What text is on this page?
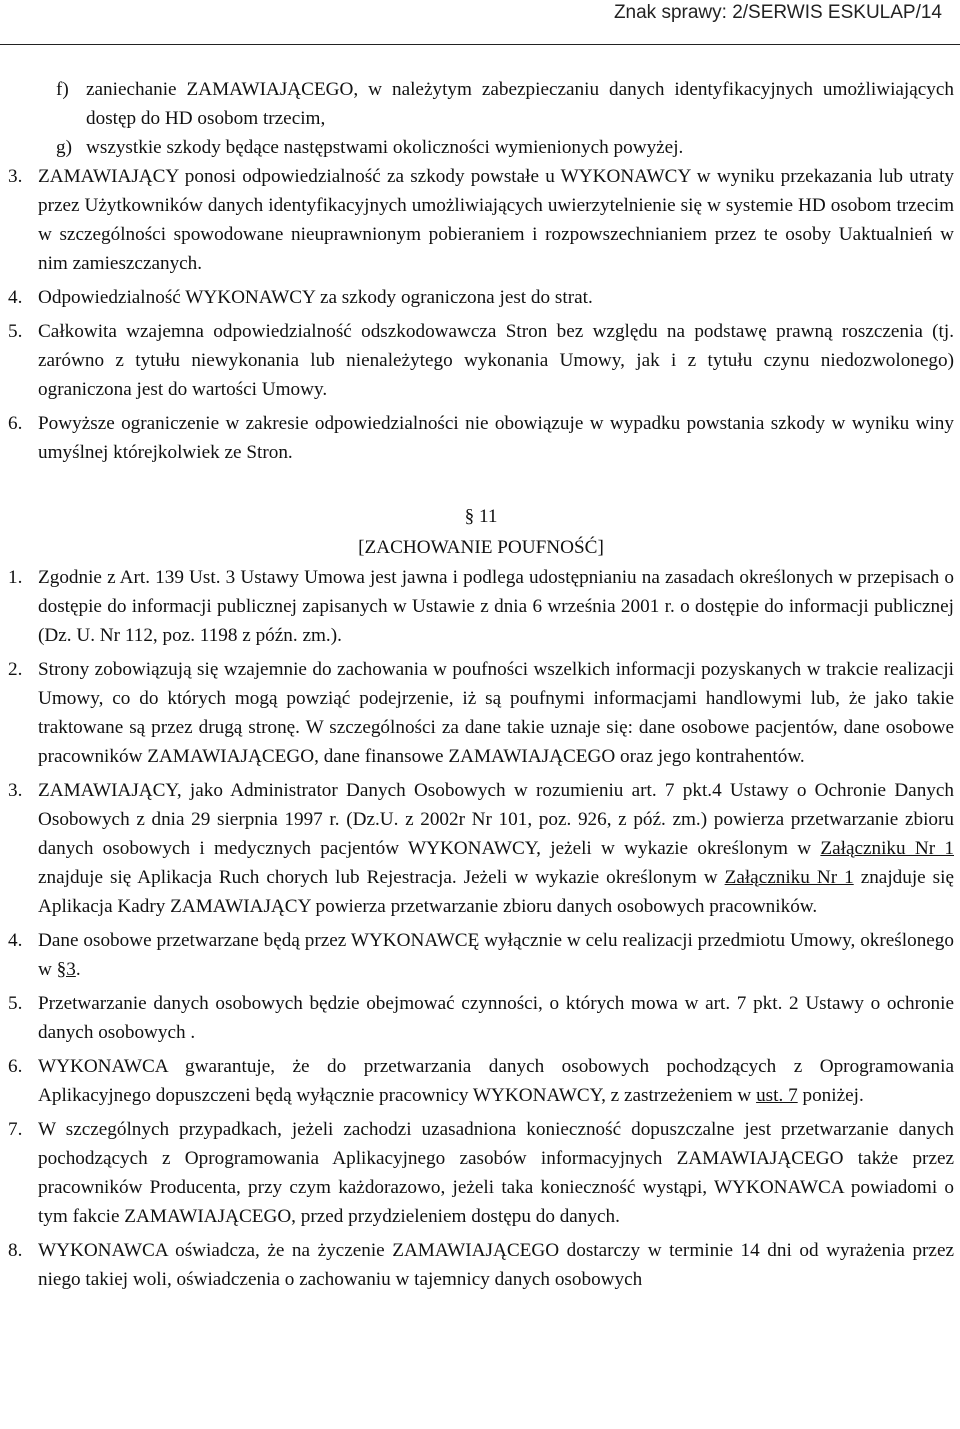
Znak sprawy: 2/SERWIS ESKULAP/14
f) zaniechanie ZAMAWIAJĄCEGO, w należytym zabezpieczaniu danych identyfikacyjnych umożliwiających dostęp do HD osobom trzecim,
g) wszystkie szkody będące następstwami okoliczności wymienionych powyżej.
3. ZAMAWIAJĄCY ponosi odpowiedzialność za szkody powstałe u WYKONAWCY w wyniku przekazania lub utraty przez Użytkowników danych identyfikacyjnych umożliwiających uwierzytelnienie się w systemie HD osobom trzecim w szczególności spowodowane nieuprawnionym pobieraniem i rozpowszechnianiem przez te osoby Uaktualnień w nim zamieszczanych.
4. Odpowiedzialność WYKONAWCY za szkody ograniczona jest do strat.
5. Całkowita wzajemna odpowiedzialność odszkodowawcza Stron bez względu na podstawę prawną roszczenia (tj. zarówno z tytułu niewykonania lub nienależytego wykonania Umowy, jak i z tytułu czynu niedozwolonego) ograniczona jest do wartości Umowy.
6. Powyższe ograniczenie w zakresie odpowiedzialności nie obowiązuje w wypadku powstania szkody w wyniku winy umyślnej którejkolwiek ze Stron.
§ 11
[ZACHOWANIE POUFNOŚĆ]
1. Zgodnie z Art. 139 Ust. 3 Ustawy Umowa jest jawna i podlega udostępnianiu na zasadach określonych w przepisach o dostępie do informacji publicznej zapisanych w Ustawie z dnia 6 września 2001 r. o dostępie do informacji publicznej (Dz. U. Nr 112, poz. 1198 z późn. zm.).
2. Strony zobowiązują się wzajemnie do zachowania w poufności wszelkich informacji pozyskanych w trakcie realizacji Umowy, co do których mogą powziąć podejrzenie, iż są poufnymi informacjami handlowymi lub, że jako takie traktowane są przez drugą stronę. W szczególności za dane takie uznaje się: dane osobowe pacjentów, dane osobowe pracowników ZAMAWIAJĄCEGO, dane finansowe ZAMAWIAJĄCEGO oraz jego kontrahentów.
3. ZAMAWIAJĄCY, jako Administrator Danych Osobowych w rozumieniu art. 7 pkt.4 Ustawy o Ochronie Danych Osobowych z dnia 29 sierpnia 1997 r. (Dz.U. z 2002r Nr 101, poz. 926, z póź. zm.) powierza przetwarzanie zbioru danych osobowych i medycznych pacjentów WYKONAWCY, jeżeli w wykazie określonym w Załączniku Nr 1 znajduje się Aplikacja Ruch chorych lub Rejestracja. Jeżeli w wykazie określonym w Załączniku Nr 1 znajduje się Aplikacja Kadry ZAMAWIAJĄCY powierza przetwarzanie zbioru danych osobowych pracowników.
4. Dane osobowe przetwarzane będą przez WYKONAWCĘ wyłącznie w celu realizacji przedmiotu Umowy, określonego w §3.
5. Przetwarzanie danych osobowych będzie obejmować czynności, o których mowa w art. 7 pkt. 2 Ustawy o ochronie danych osobowych .
6. WYKONAWCA gwarantuje, że do przetwarzania danych osobowych pochodzących z Oprogramowania Aplikacyjnego dopuszczeni będą wyłącznie pracownicy WYKONAWCY, z zastrzeżeniem w ust. 7 poniżej.
7. W szczególnych przypadkach, jeżeli zachodzi uzasadniona konieczność dopuszczalne jest przetwarzanie danych pochodzących z Oprogramowania Aplikacyjnego zasobów informacyjnych ZAMAWIAJĄCEGO także przez pracowników Producenta, przy czym każdorazowo, jeżeli taka konieczność wystąpi, WYKONAWCA powiadomi o tym fakcie ZAMAWIAJĄCEGO, przed przydzieleniem dostępu do danych.
8. WYKONAWCA oświadcza, że na życzenie ZAMAWIAJĄCEGO dostarczy w terminie 14 dni od wyrażenia przez niego takiej woli, oświadczenia o zachowaniu w tajemnicy danych osobowych
